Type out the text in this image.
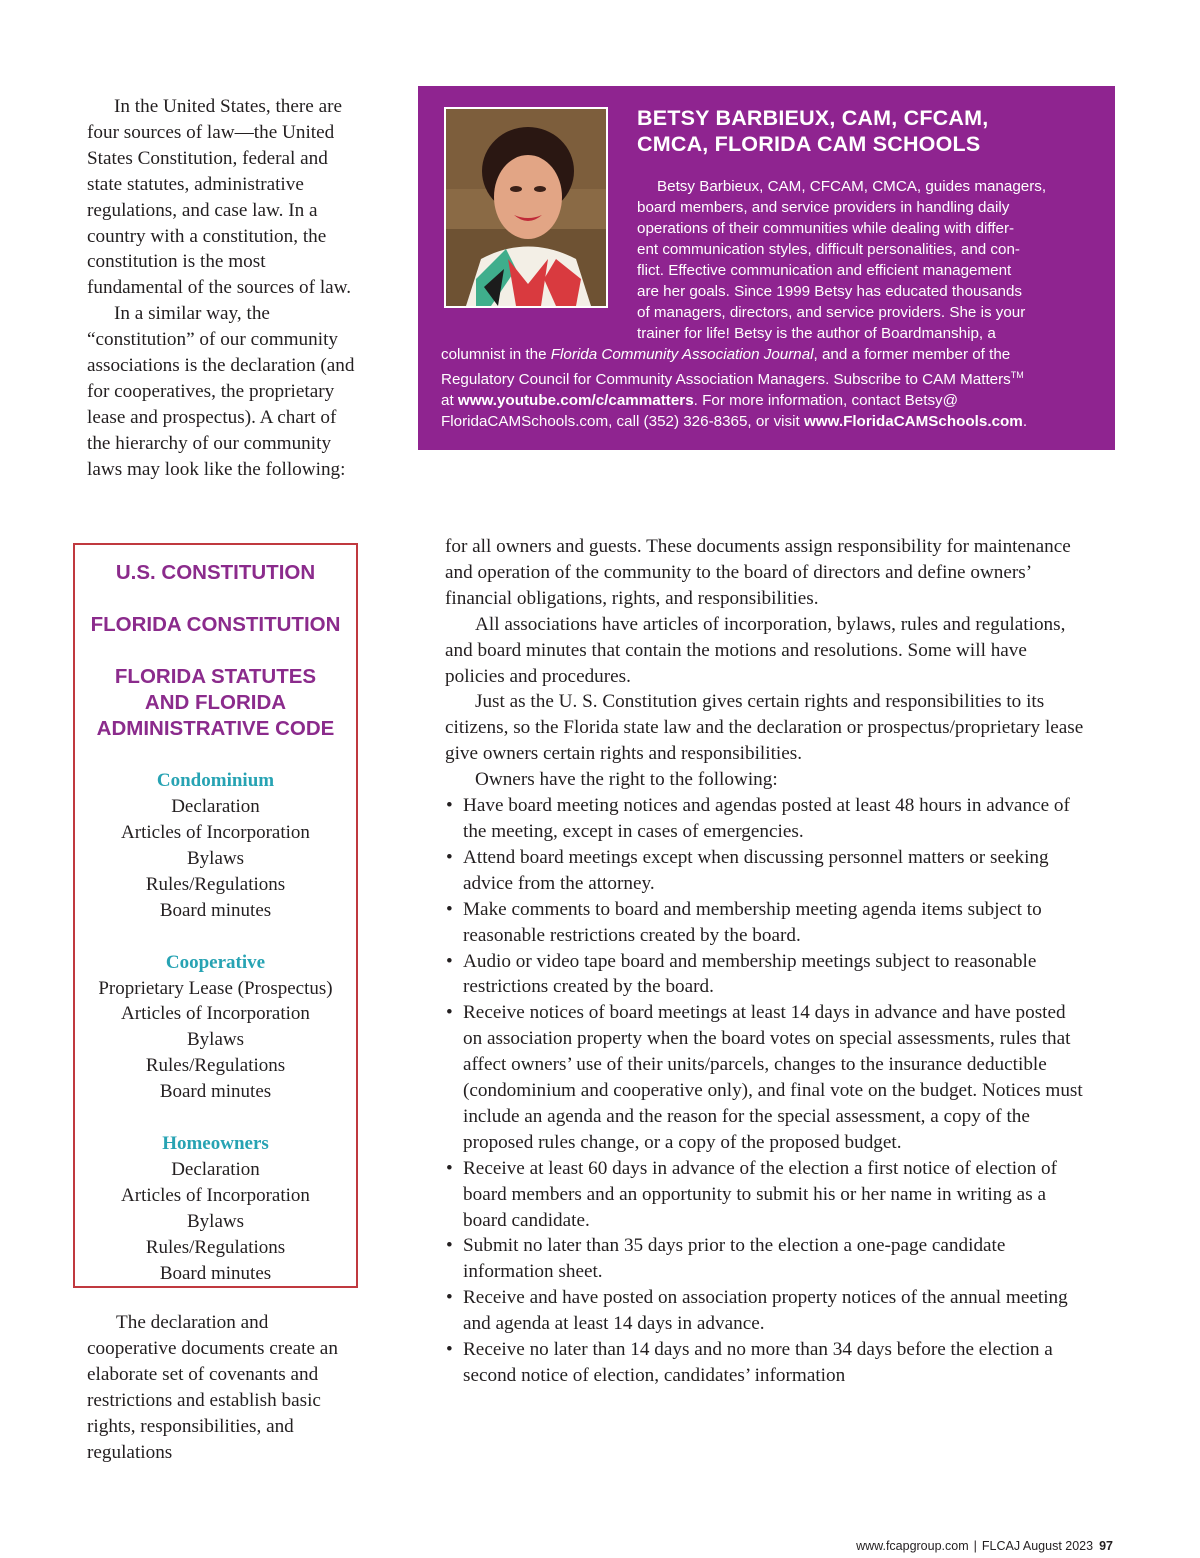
In the United States, there are four sources of law—the United States Constitution, federal and state statutes, administrative regulations, and case law. In a country with a constitution, the constitution is the most fundamental of the sources of law.

In a similar way, the “constitution” of our community associations is the declaration (and for cooperatives, the proprietary lease and prospectus). A chart of the hierarchy of our community laws may look like the following:

U.S. CONSTITUTION

FLORIDA CONSTITUTION

FLORIDA STATUTES

AND FLORIDA

ADMINISTRATIVE CODE

Condominium

Declaration

Articles of Incorporation

Bylaws

Rules/Regulations

Board minutes

Cooperative

Proprietary Lease (Prospectus)

Articles of Incorporation

Bylaws

Rules/Regulations

Board minutes

Homeowners

Declaration

Articles of Incorporation

Bylaws

Rules/Regulations

Board minutes

The declaration and cooperative documents create an elaborate set of covenants and restrictions and establish basic rights, responsibilities, and regulations

BETSY BARBIEUX, CAM, CFCAM,
CMCA, FLORIDA CAM SCHOOLS
Betsy Barbieux, CAM, CFCAM, CMCA, guides managers,
board members, and service providers in handling daily
operations of their communities while dealing with differ-
ent communication styles, difficult personalities, and con-
flict. Effective communication and efficient management
are her goals. Since 1999 Betsy has educated thousands
of managers, directors, and service providers. She is your
trainer for life! Betsy is the author of Boardmanship, a
columnist in the Florida Community Association Journal, and a former member of the
Regulatory Council for Community Association Managers. Subscribe to CAM Matters™
at www.youtube.com/c/cammatters. For more information, contact Betsy@
FloridaCAMSchools.com, call (352) 326-8365, or visit www.FloridaCAMSchools.com.

for all owners and guests. These documents assign responsibility for maintenance and operation of the community to the board of directors and define owners’ financial obligations, rights, and responsibilities.

All associations have articles of incorporation, bylaws, rules and regulations, and board minutes that contain the motions and resolutions. Some will have policies and procedures.

Just as the U. S. Constitution gives certain rights and responsibilities to its citizens, so the Florida state law and the declaration or prospectus/proprietary lease give owners certain rights and responsibilities.

Owners have the right to the following:

• Have board meeting notices and agendas posted at least 48 hours in advance of the meeting, except in cases of emergencies.
• Attend board meetings except when discussing personnel matters or seeking advice from the attorney.
• Make comments to board and membership meeting agenda items subject to reasonable restrictions created by the board.
• Audio or video tape board and membership meetings subject to reasonable restrictions created by the board.
• Receive notices of board meetings at least 14 days in advance and have posted on association property when the board votes on special assessments, rules that affect owners’ use of their units/parcels, changes to the insurance deductible (condominium and cooperative only), and final vote on the budget. Notices must include an agenda and the reason for the special assessment, a copy of the proposed rules change, or a copy of the proposed budget.
• Receive at least 60 days in advance of the election a first notice of election of board members and an opportunity to submit his or her name in writing as a board candidate.
• Submit no later than 35 days prior to the election a one-page candidate information sheet.
• Receive and have posted on association property notices of the annual meeting and agenda at least 14 days in advance.
• Receive no later than 14 days and no more than 34 days before the election a second notice of election, candidates’ information
www.fcapgroup.com | FLCAJ August 2023 97
